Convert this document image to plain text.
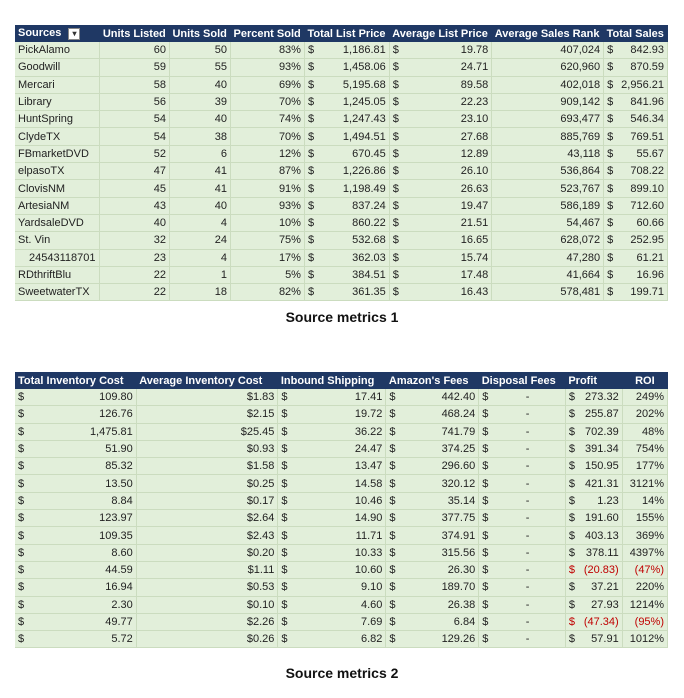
Sources ▾	Units Listed	Units Sold	Percent Sold	Total List Price		Average List Price		Average Sales Rank	Total Sales	
PickAlamo	60	50	83%	$	1,186.81	$	19.78	407,024	$	842.93
Goodwill	59	55	93%	$	1,458.06	$	24.71	620,960	$	870.59
Mercari	58	40	69%	$	5,195.68	$	89.58	402,018	$	2,956.21
Library	56	39	70%	$	1,245.05	$	22.23	909,142	$	841.96
HuntSpring	54	40	74%	$	1,247.43	$	23.10	693,477	$	546.34
ClydeTX	54	38	70%	$	1,494.51	$	27.68	885,769	$	769.51
FBmarketDVD	52	6	12%	$	670.45	$	12.89	43,118	$	55.67
elpasoTX	47	41	87%	$	1,226.86	$	26.10	536,864	$	708.22
ClovisNM	45	41	91%	$	1,198.49	$	26.63	523,767	$	899.10
ArtesiaNM	43	40	93%	$	837.24	$	19.47	586,189	$	712.60
YardsaleDVD	40	4	10%	$	860.22	$	21.51	54,467	$	60.66
St. Vin	32	24	75%	$	532.68	$	16.65	628,072	$	252.95
24543118701	23	4	17%	$	362.03	$	15.74	47,280	$	61.21
RDthriftBlu	22	1	5%	$	384.51	$	17.48	41,664	$	16.96
SweetwaterTX	22	18	82%	$	361.35	$	16.43	578,481	$	199.71
Source metrics 1
Total Inventory Cost		Average Inventory Cost	Inbound Shipping		Amazon's Fees		Disposal Fees		Profit		ROI
$	109.80	$1.83	$	17.41	$	442.40	$	-	$	273.32	249%
$	126.76	$2.15	$	19.72	$	468.24	$	-	$	255.87	202%
$	1,475.81	$25.45	$	36.22	$	741.79	$	-	$	702.39	48%
$	51.90	$0.93	$	24.47	$	374.25	$	-	$	391.34	754%
$	85.32	$1.58	$	13.47	$	296.60	$	-	$	150.95	177%
$	13.50	$0.25	$	14.58	$	320.12	$	-	$	421.31	3121%
$	8.84	$0.17	$	10.46	$	35.14	$	-	$	1.23	14%
$	123.97	$2.64	$	14.90	$	377.75	$	-	$	191.60	155%
$	109.35	$2.43	$	11.71	$	374.91	$	-	$	403.13	369%
$	8.60	$0.20	$	10.33	$	315.56	$	-	$	378.11	4397%
$	44.59	$1.11	$	10.60	$	26.30	$	-	$	(20.83)	(47%)
$	16.94	$0.53	$	9.10	$	189.70	$	-	$	37.21	220%
$	2.30	$0.10	$	4.60	$	26.38	$	-	$	27.93	1214%
$	49.77	$2.26	$	7.69	$	6.84	$	-	$	(47.34)	(95%)
$	5.72	$0.26	$	6.82	$	129.26	$	-	$	57.91	1012%
Source metrics 2
